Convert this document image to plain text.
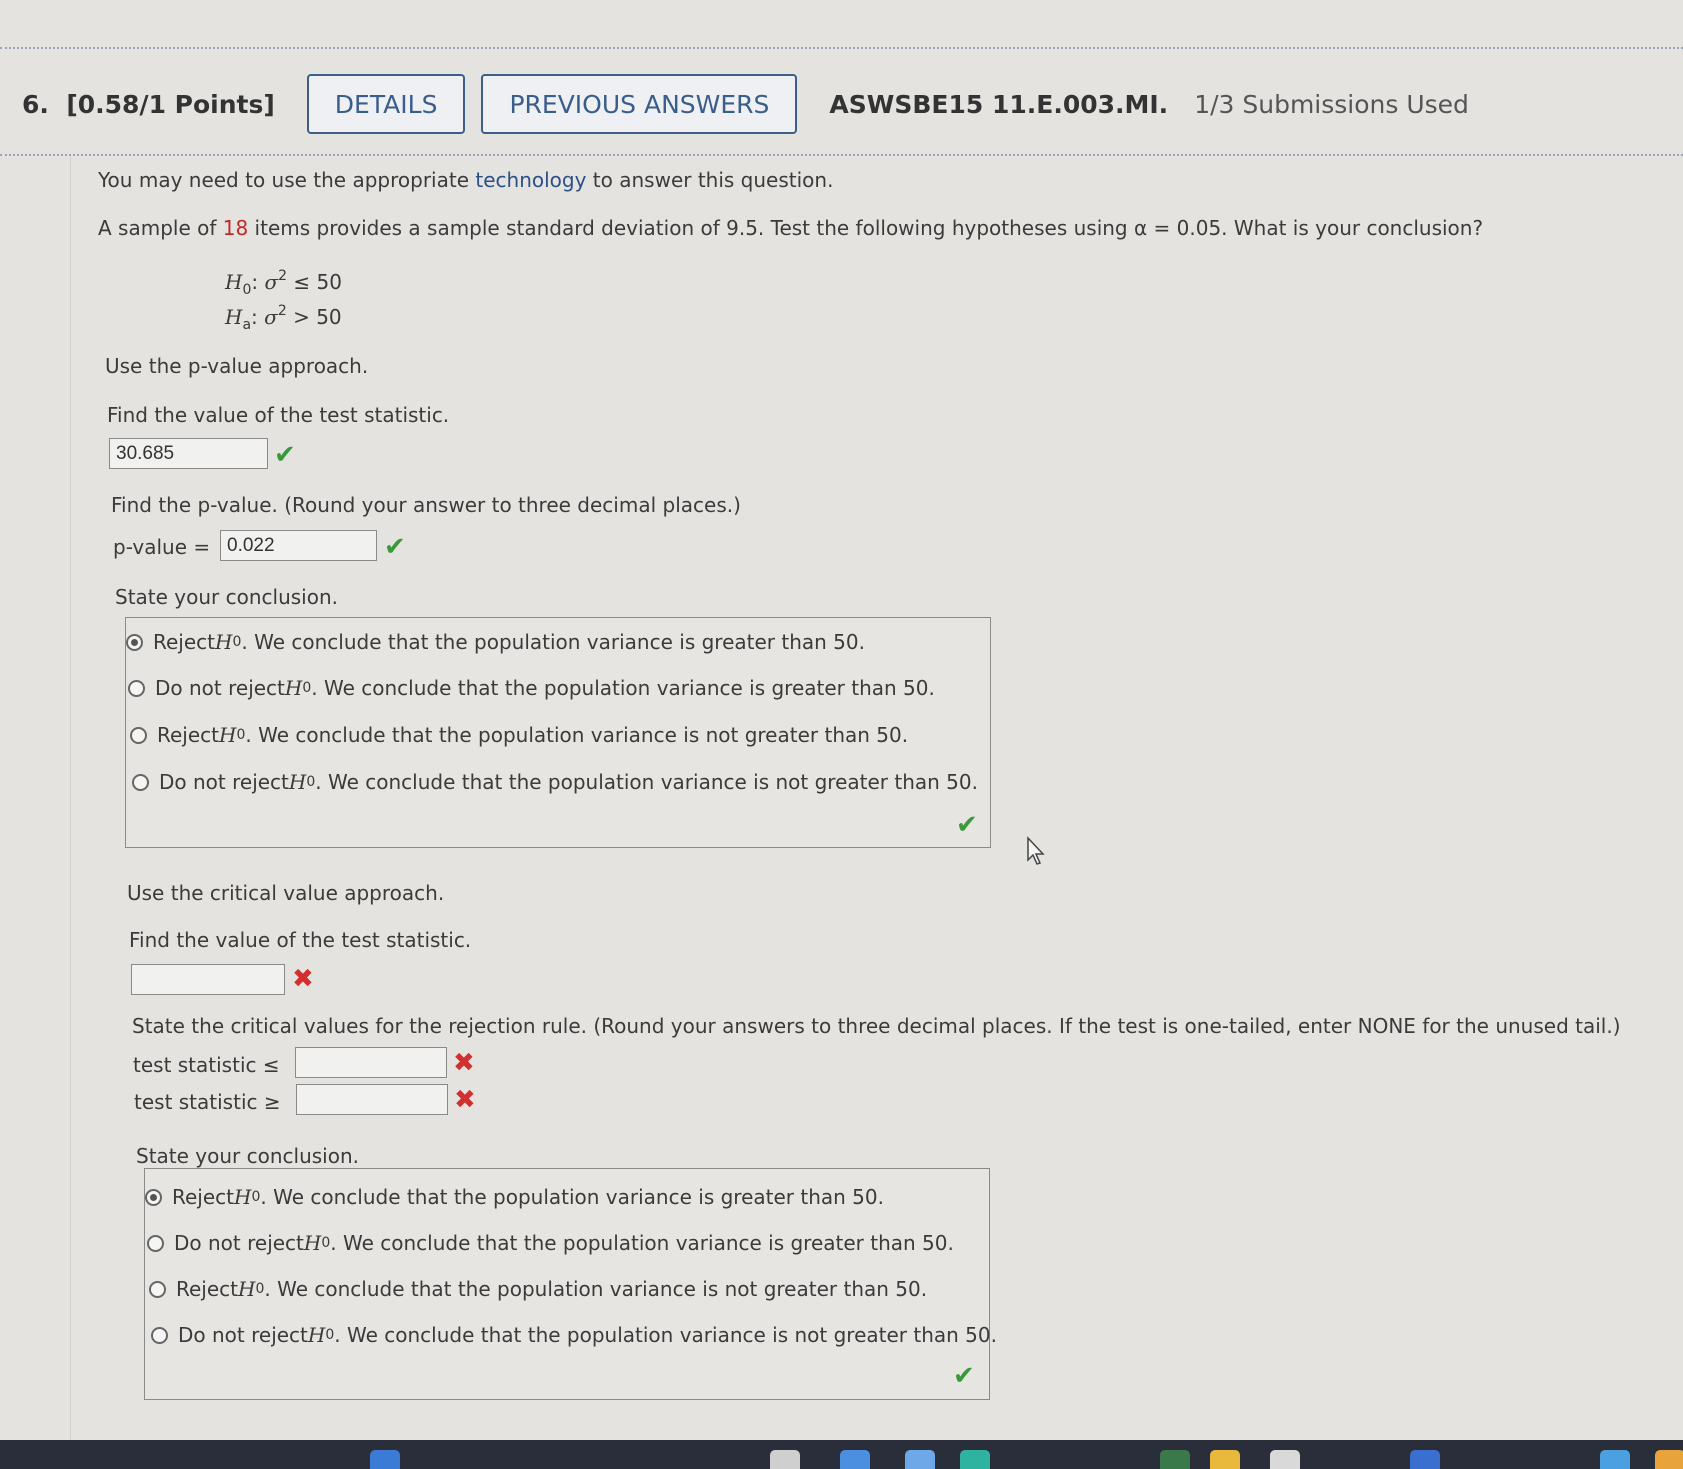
6. [0.58/1 Points]	DETAILS	PREVIOUS ANSWERS	ASWSBE15 11.E.003.MI. 1/3 Submissions Used
You may need to use the appropriate technology to answer this question.
A sample of 18 items provides a sample standard deviation of 9.5. Test the following hypotheses using α = 0.05. What is your conclusion?
$H_0$: $\sigma^2 \le 50$
$H_a$: $\sigma^2 > 50$
Use the p-value approach.
Find the value of the test statistic.
30.685
✔
Find the p-value. (Round your answer to three decimal places.)
p-value =
0.022	✔
State your conclusion.
Reject H 0 . We conclude that the population variance is greater than 50.
Do not reject H 0 . We conclude that the population variance is greater than 50.
Reject H 0 . We conclude that the population variance is not greater than 50.
Do not reject H 0 . We conclude that the population variance is not greater than 50.
✔
Use the critical value approach.
Find the value of the test statistic.
✖
State the critical values for the rejection rule. (Round your answers to three decimal places. If the test is one-tailed, enter NONE for the unused tail.)
test statistic ≤	✖
test statistic ≥	✖
State your conclusion.
Reject H 0 . We conclude that the population variance is greater than 50.
Do not reject H 0 . We conclude that the population variance is greater than 50.
Reject H 0 . We conclude that the population variance is not greater than 50.
Do not reject H 0 . We conclude that the population variance is not greater than 50.
✔
